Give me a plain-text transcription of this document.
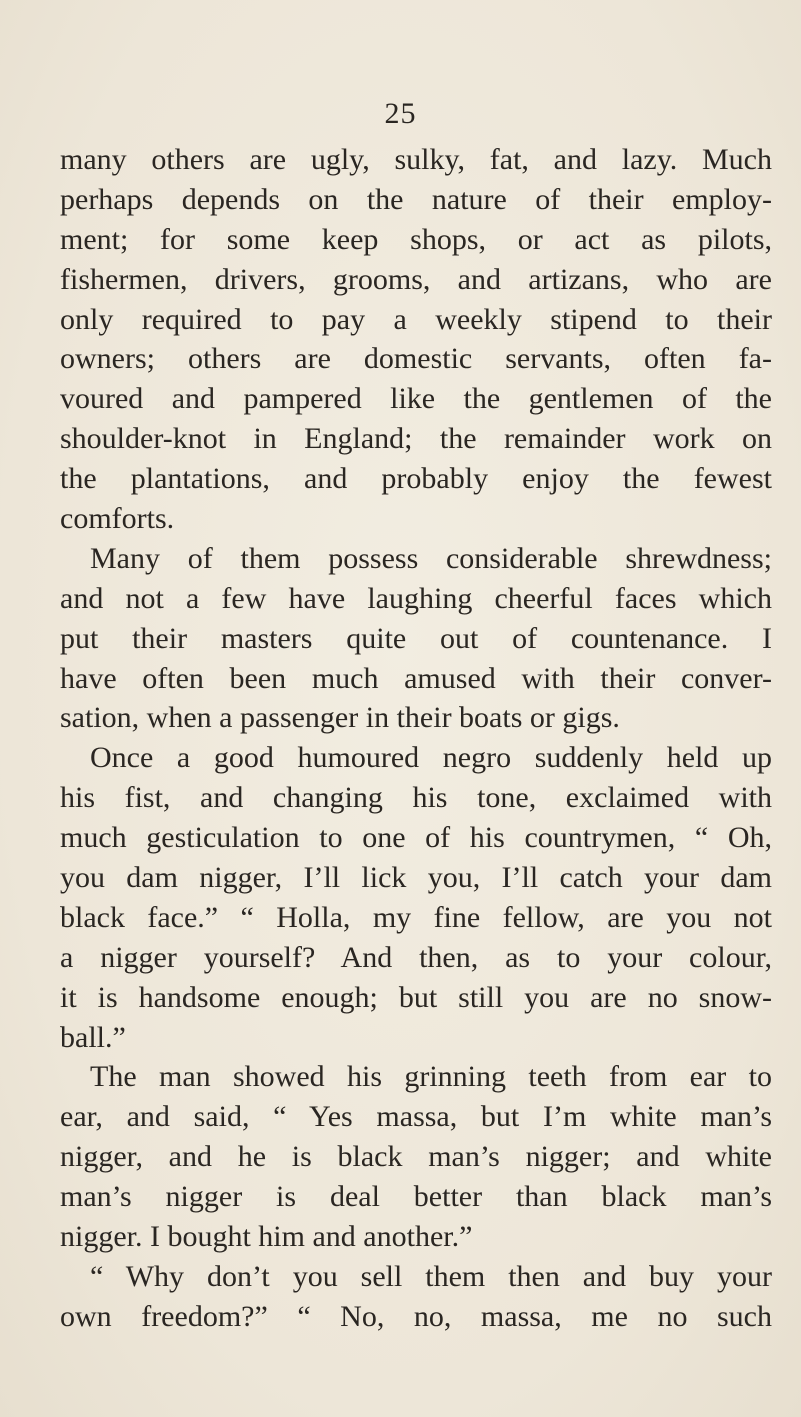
25
many others are ugly, sulky, fat, and lazy. Much
perhaps depends on the nature of their employ-
ment; for some keep shops, or act as pilots,
fishermen, drivers, grooms, and artizans, who are
only required to pay a weekly stipend to their
owners; others are domestic servants, often fa-
voured and pampered like the gentlemen of the
shoulder-knot in England; the remainder work on
the plantations, and probably enjoy the fewest
comforts.
Many of them possess considerable shrewdness;
and not a few have laughing cheerful faces which
put their masters quite out of countenance. I
have often been much amused with their conver-
sation, when a passenger in their boats or gigs.
Once a good humoured negro suddenly held up
his fist, and changing his tone, exclaimed with
much gesticulation to one of his countrymen, “ Oh,
you dam nigger, I’ll lick you, I’ll catch your dam
black face.” “ Holla, my fine fellow, are you not
a nigger yourself? And then, as to your colour,
it is handsome enough; but still you are no snow-
ball.”
The man showed his grinning teeth from ear to
ear, and said, “ Yes massa, but I’m white man’s
nigger, and he is black man’s nigger; and white
man’s nigger is deal better than black man’s
nigger. I bought him and another.”
“ Why don’t you sell them then and buy your
own freedom?” “ No, no, massa, me no such
